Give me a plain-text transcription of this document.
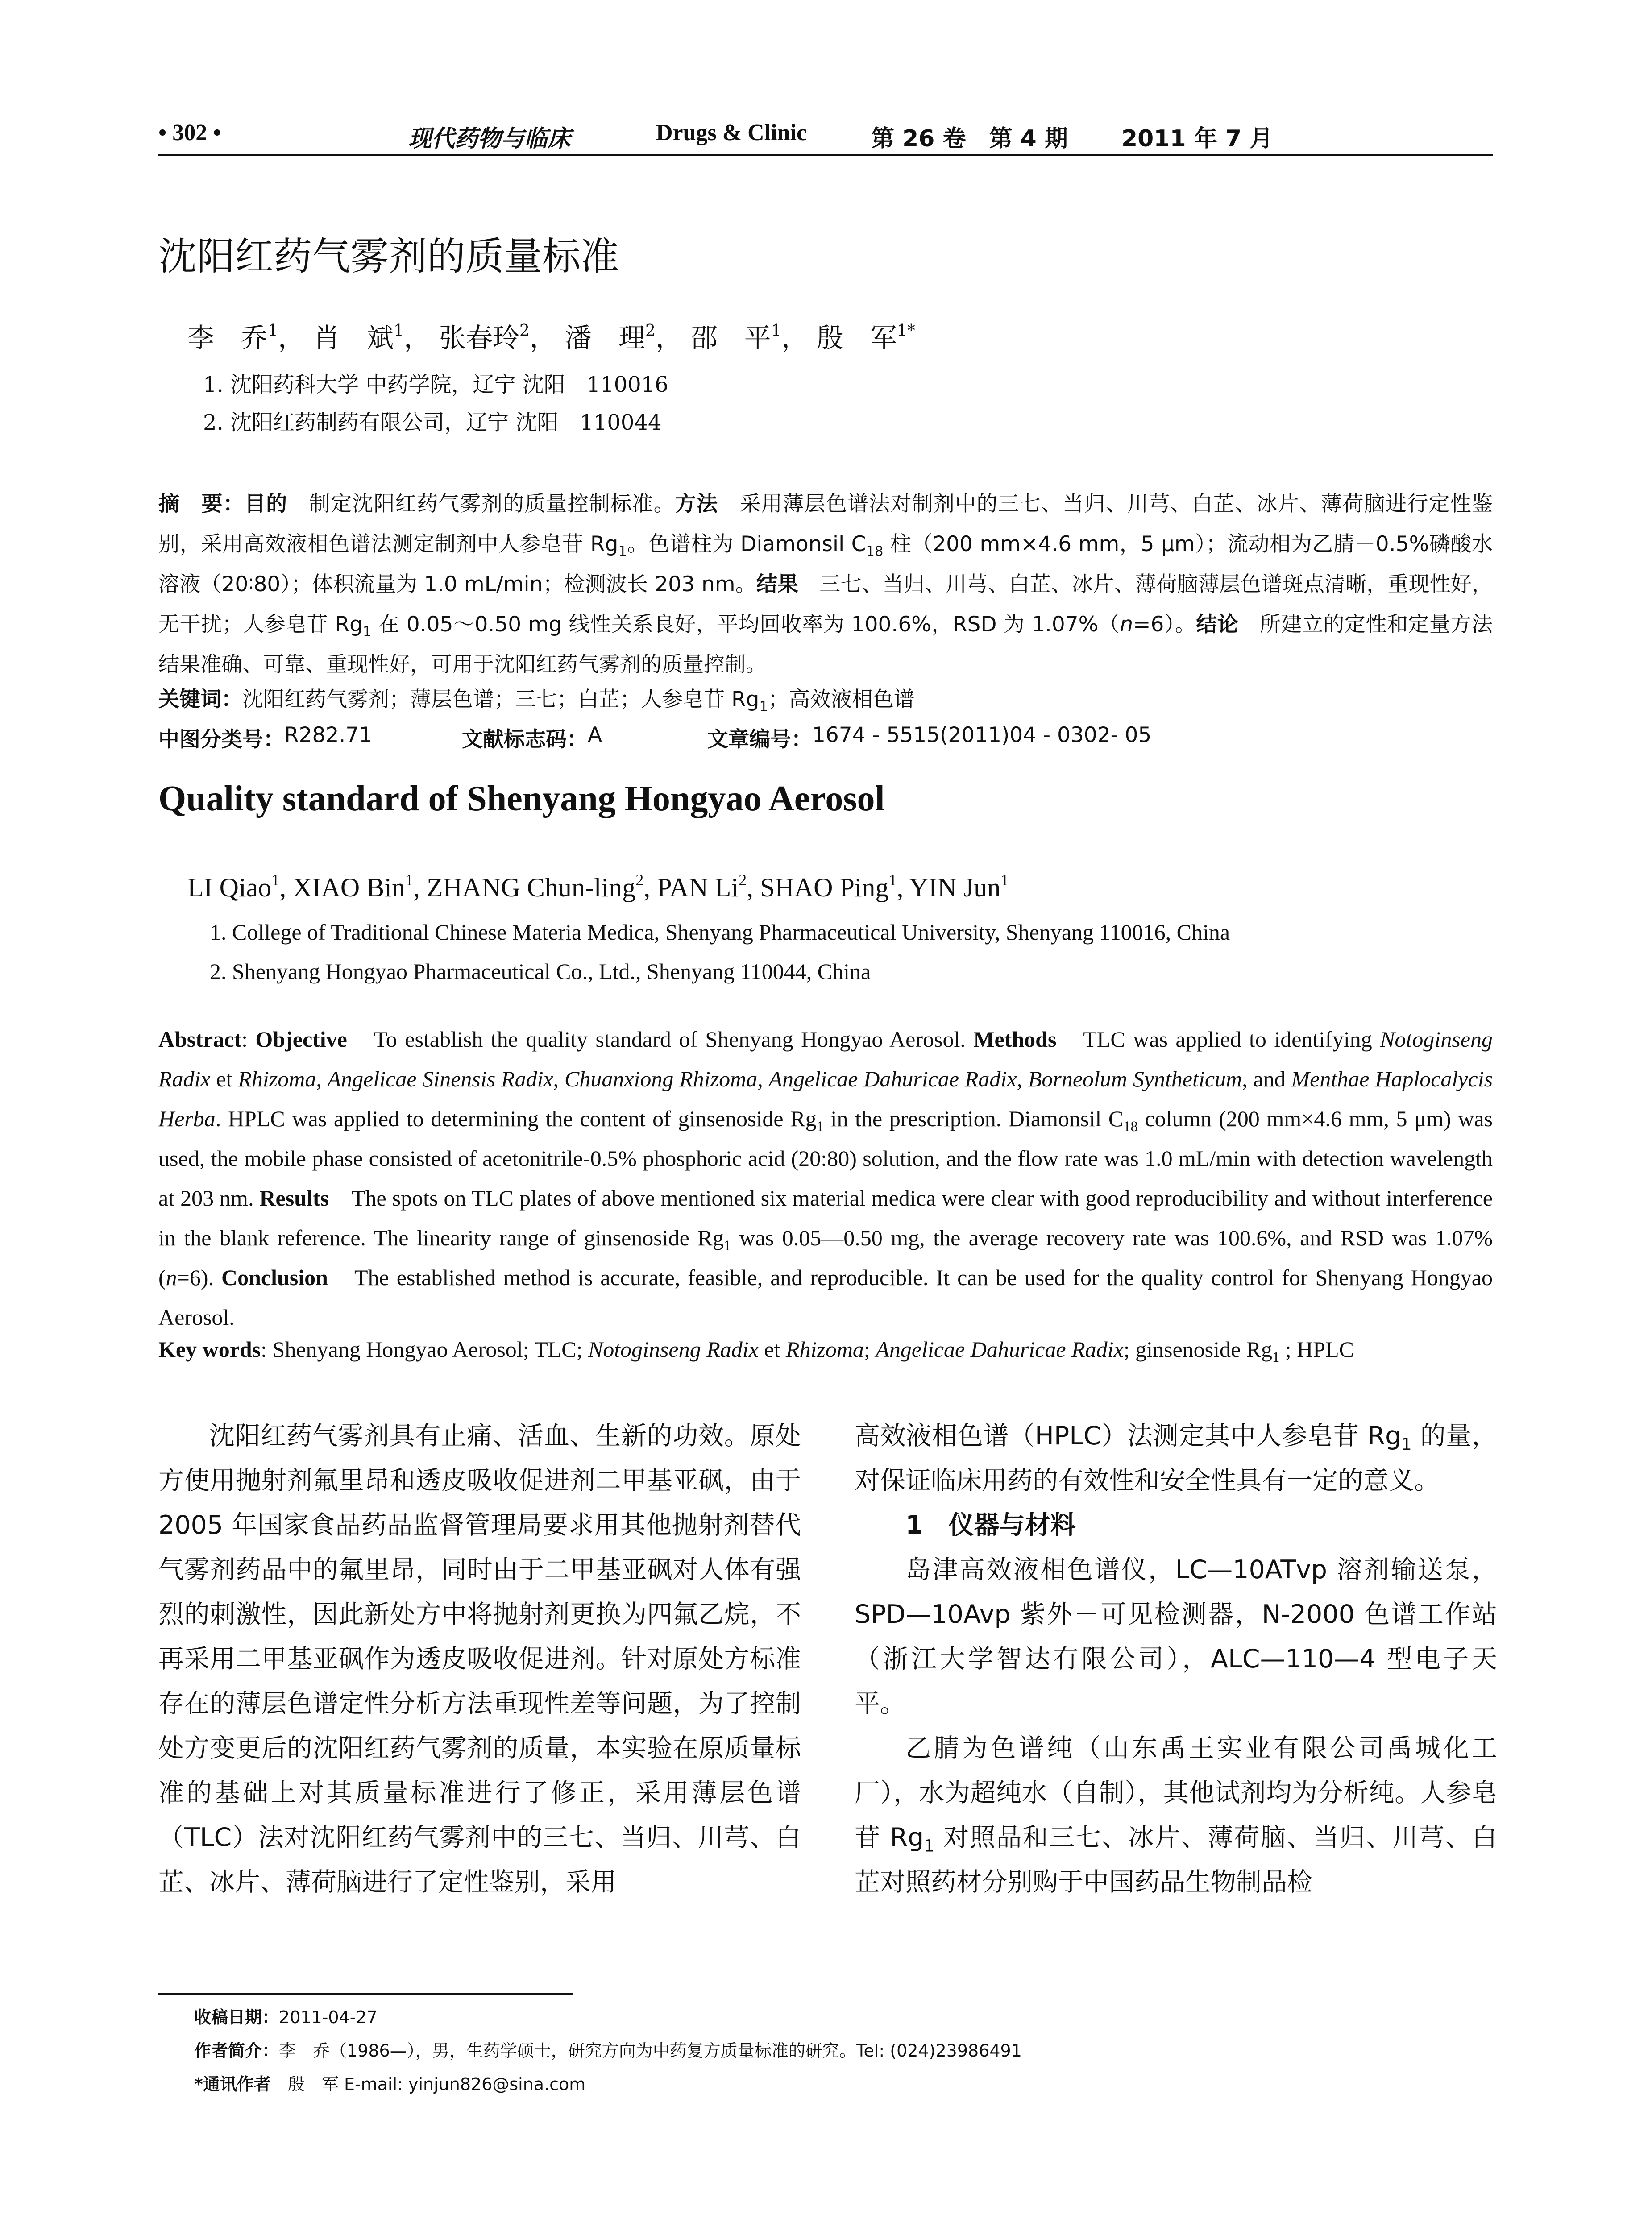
• 302 •	现代药物与临床	Drugs & Clinic	第 26 卷　第 4 期 2011 年 7 月
沈阳红药气雾剂的质量标准
李　乔$^1$， 肖　斌$^1$， 张春玲$^2$， 潘　理$^2$， 邵　平$^1$， 殷　军$^{1*}$
1. 沈阳药科大学 中药学院，辽宁 沈阳　110016
2. 沈阳红药制药有限公司，辽宁 沈阳　110044
摘　要：目的　制定沈阳红药气雾剂的质量控制标准。方法　采用薄层色谱法对制剂中的三七、当归、川芎、白芷、冰片、薄荷脑进行定性鉴别，采用高效液相色谱法测定制剂中人参皂苷 $Rg_1$。色谱柱为 Diamonsil $C_{18}$ 柱（200 mm×4.6 mm，5 μm）；流动相为乙腈－0.5%磷酸水溶液（20∶80）；体积流量为 1.0 mL/min；检测波长 203 nm。结果　三七、当归、川芎、白芷、冰片、薄荷脑薄层色谱斑点清晰，重现性好，无干扰；人参皂苷 $Rg_1$ 在 0.05～0.50 mg 线性关系良好，平均回收率为 100.6%，RSD 为 1.07%（n=6）。结论　所建立的定性和定量方法结果准确、可靠、重现性好，可用于沈阳红药气雾剂的质量控制。
关键词：沈阳红药气雾剂；薄层色谱；三七；白芷；人参皂苷 $Rg_1$；高效液相色谱
中图分类号： R282.71	文献标志码： A	文章编号： 1674 - 5515(2011)04 - 0302- 05
Quality standard of Shenyang Hongyao Aerosol
LI Qiao$^1$, XIAO Bin$^1$, ZHANG Chun-ling$^2$, PAN Li$^2$, SHAO Ping$^1$, YIN Jun$^1$
1. College of Traditional Chinese Materia Medica, Shenyang Pharmaceutical University, Shenyang 110016, China
2. Shenyang Hongyao Pharmaceutical Co., Ltd., Shenyang 110044, China
Abstract: Objective　To establish the quality standard of Shenyang Hongyao Aerosol. Methods　TLC was applied to identifying Notoginseng Radix et Rhizoma, Angelicae Sinensis Radix, Chuanxiong Rhizoma, Angelicae Dahuricae Radix, Borneolum Syntheticum, and Menthae Haplocalycis Herba. HPLC was applied to determining the content of ginsenoside $Rg_1$ in the prescription. Diamonsil $C_{18}$ column (200 mm×4.6 mm, 5 μm) was used, the mobile phase consisted of acetonitrile-0.5% phosphoric acid (20:80) solution, and the flow rate was 1.0 mL/min with detection wavelength at 203 nm. Results　The spots on TLC plates of above mentioned six material medica were clear with good reproducibility and without interference in the blank reference. The linearity range of ginsenoside $Rg_1$ was 0.05—0.50 mg, the average recovery rate was 100.6%, and RSD was 1.07% (n=6). Conclusion　The established method is accurate, feasible, and reproducible. It can be used for the quality control for Shenyang Hongyao Aerosol.
Key words: Shenyang Hongyao Aerosol; TLC; Notoginseng Radix et Rhizoma; Angelicae Dahuricae Radix; ginsenoside $Rg_1$ ; HPLC

沈阳红药气雾剂具有止痛、活血、生新的功效。原处方使用抛射剂氟里昂和透皮吸收促进剂二甲基亚砜，由于 2005 年国家食品药品监督管理局要求用其他抛射剂替代气雾剂药品中的氟里昂，同时由于二甲基亚砜对人体有强烈的刺激性，因此新处方中将抛射剂更换为四氟乙烷，不再采用二甲基亚砜作为透皮吸收促进剂。针对原处方标准存在的薄层色谱定性分析方法重现性差等问题，为了控制处方变更后的沈阳红药气雾剂的质量，本实验在原质量标准的基础上对其质量标准进行了修正，采用薄层色谱（TLC）法对沈阳红药气雾剂中的三七、当归、川芎、白芷、冰片、薄荷脑进行了定性鉴别，采用

高效液相色谱（HPLC）法测定其中人参皂苷 $Rg_1$ 的量，对保证临床用药的有效性和安全性具有一定的意义。

1　仪器与材料

岛津高效液相色谱仪，LC—10ATvp 溶剂输送泵，SPD—10Avp 紫外－可见检测器，N-2000 色谱工作站（浙江大学智达有限公司），ALC—110—4 型电子天平。

乙腈为色谱纯（山东禹王实业有限公司禹城化工厂），水为超纯水（自制），其他试剂均为分析纯。人参皂苷 $Rg_1$ 对照品和三七、冰片、薄荷脑、当归、川芎、白芷对照药材分别购于中国药品生物制品检

收稿日期：2011-04-27
作者简介：李　乔（1986—），男，生药学硕士，研究方向为中药复方质量标准的研究。Tel: (024)23986491
*通讯作者　殷　军 E-mail: yinjun826@sina.com
